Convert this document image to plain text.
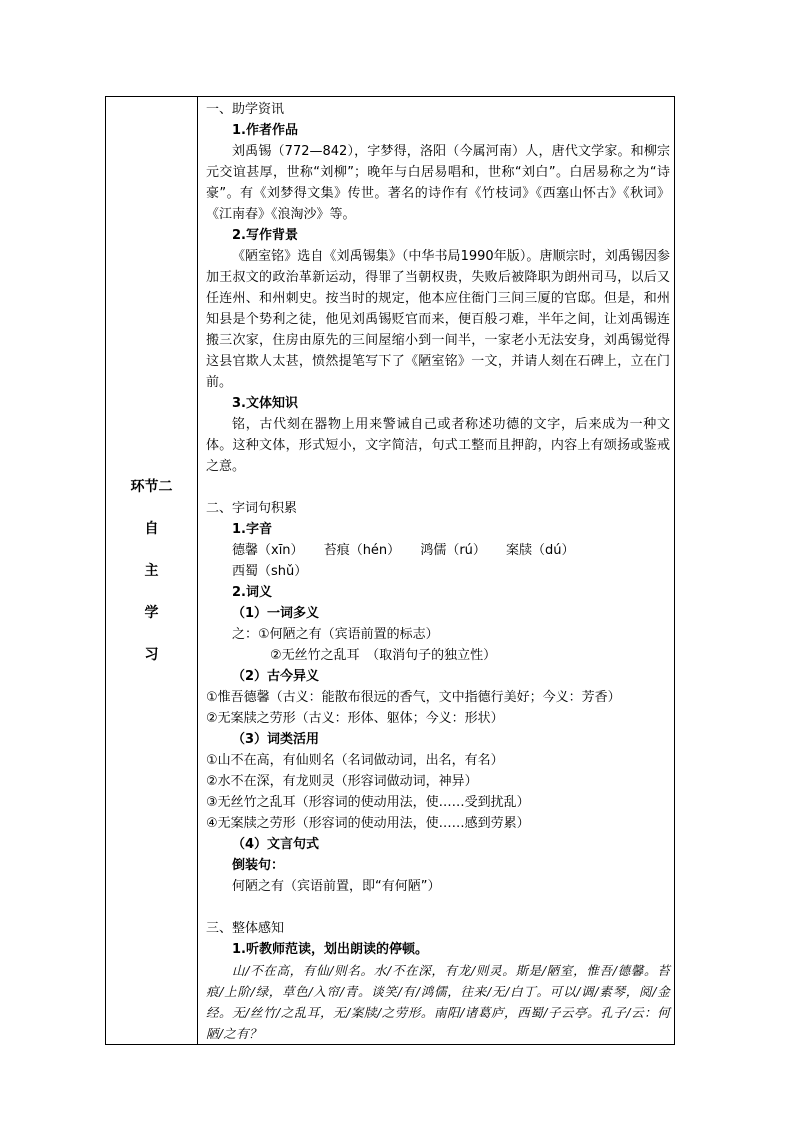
环节二
自
主
学
习

一、助学资讯

1.作者作品

刘禹锡（772—842），字梦得，洛阳（今属河南）人，唐代文学家。和柳宗元交谊甚厚，世称“刘柳”；晚年与白居易唱和，世称“刘白”。白居易称之为“诗豪”。有《刘梦得文集》传世。著名的诗作有《竹枝词》《西塞山怀古》《秋词》《江南春》《浪淘沙》等。

2.写作背景

《陋室铭》选自《刘禹锡集》（中华书局1990年版）。唐顺宗时，刘禹锡因参加王叔文的政治革新运动，得罪了当朝权贵，失败后被降职为朗州司马，以后又任连州、和州刺史。按当时的规定，他本应住衙门三间三厦的官邸。但是，和州知县是个势利之徒，他见刘禹锡贬官而来，便百般刁难，半年之间，让刘禹锡连搬三次家，住房由原先的三间屋缩小到一间半，一家老小无法安身，刘禹锡觉得这县官欺人太甚，愤然提笔写下了《陋室铭》一文，并请人刻在石碑上，立在门前。

3.文体知识

铭，古代刻在器物上用来警诫自己或者称述功德的文字，后来成为一种文体。这种文体，形式短小，文字简洁，句式工整而且押韵，内容上有颂扬或鉴戒之意。

二、字词句积累

1.字音

德馨（xīn） 苔痕（hén） 鸿儒（rú） 案牍（dú） 西蜀（shǔ）

2.词义

（1）一词多义

之：①何陋之有（宾语前置的标志）

②无丝竹之乱耳　（取消句子的独立性）

（2）古今异义

①惟吾德馨（古义：能散布很远的香气，文中指德行美好；今义：芳香）

②无案牍之劳形（古义：形体、躯体；今义：形状）

（3）词类活用

①山不在高，有仙则名（名词做动词，出名，有名）

②水不在深，有龙则灵（形容词做动词，神异）

③无丝竹之乱耳（形容词的使动用法，使……受到扰乱）

④无案牍之劳形（形容词的使动用法，使……感到劳累）

（4）文言句式

倒装句：

何陋之有（宾语前置，即“有何陋”）

三、整体感知

1.听教师范读，划出朗读的停顿。

山/不在高，有仙/则名。水/不在深，有龙/则灵。斯是/陋室，惟吾/德馨。苔痕/上阶/绿，草色/入帘/青。谈笑/有/鸿儒，往来/无/白丁。可以/调/素琴，阅/金经。无/丝竹/之乱耳，无/案牍/之劳形。南阳/诸葛庐，西蜀/子云亭。孔子/云：何陋/之有？
